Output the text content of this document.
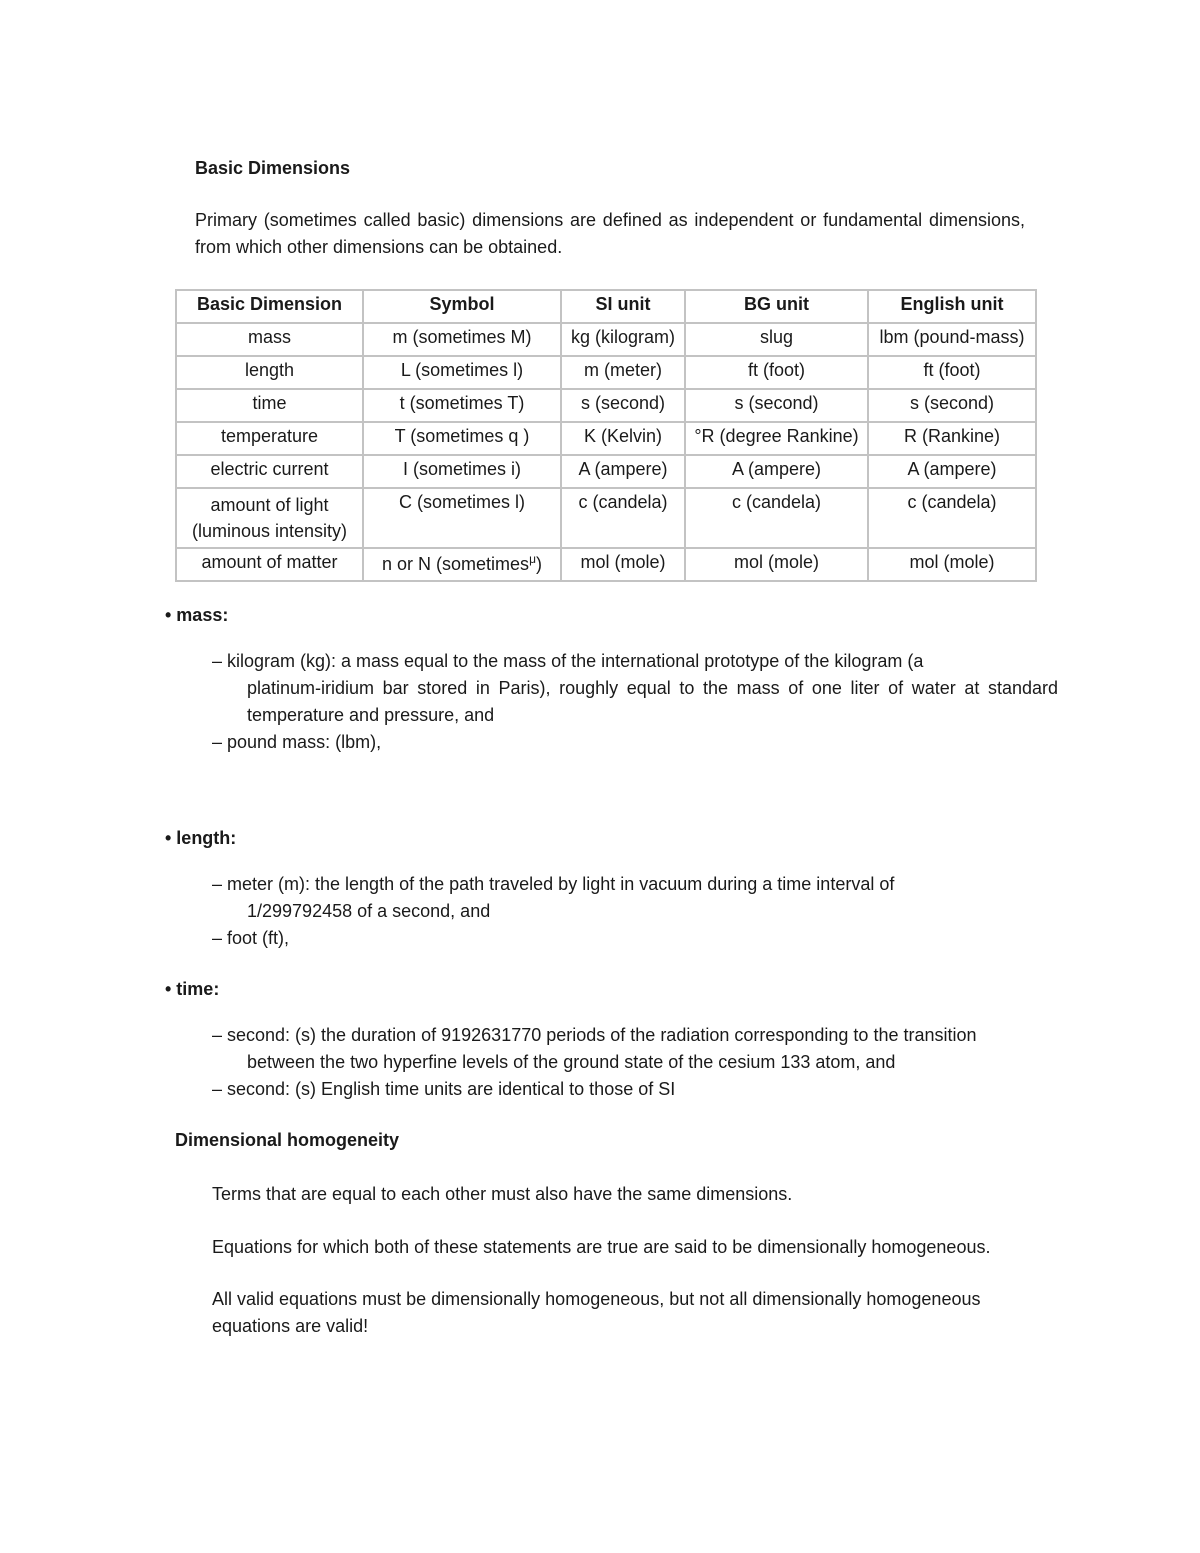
Basic Dimensions
Primary (sometimes called basic) dimensions are defined as independent or fundamental dimensions, from which other dimensions can be obtained.
Basic Dimension	Symbol	SI unit	BG unit	English unit
mass	m (sometimes M)	kg (kilogram)	slug	lbm (pound-mass)
length	L (sometimes l)	m (meter)	ft (foot)	ft (foot)
time	t (sometimes T)	s (second)	s (second)	s (second)
temperature	T (sometimes q )	K (Kelvin)	°R (degree Rankine)	R (Rankine)
electric current	I (sometimes i)	A (ampere)	A (ampere)	A (ampere)
amount of light
(luminous intensity)	C (sometimes l)	c (candela)	c (candela)	c (candela)
amount of matter	n or N (sometimes$^\mu$)	mol (mole)	mol (mole)	mol (mole)
• mass:
– kilogram (kg): a mass equal to the mass of the international prototype of the kilogram (a
platinum-iridium bar stored in Paris), roughly equal to the mass of one liter of water at standard temperature and pressure, and
– pound mass: (lbm),
• length:
– meter (m): the length of the path traveled by light in vacuum during a time interval of
1/299792458 of a second, and
– foot (ft),
• time:
– second: (s) the duration of 9192631770 periods of the radiation corresponding to the transition
between the two hyperfine levels of the ground state of the cesium 133 atom, and
– second: (s) English time units are identical to those of SI
Dimensional homogeneity
Terms that are equal to each other must also have the same dimensions.
Equations for which both of these statements are true are said to be dimensionally homogeneous.
All valid equations must be dimensionally homogeneous, but not all dimensionally homogeneous equations are valid!
